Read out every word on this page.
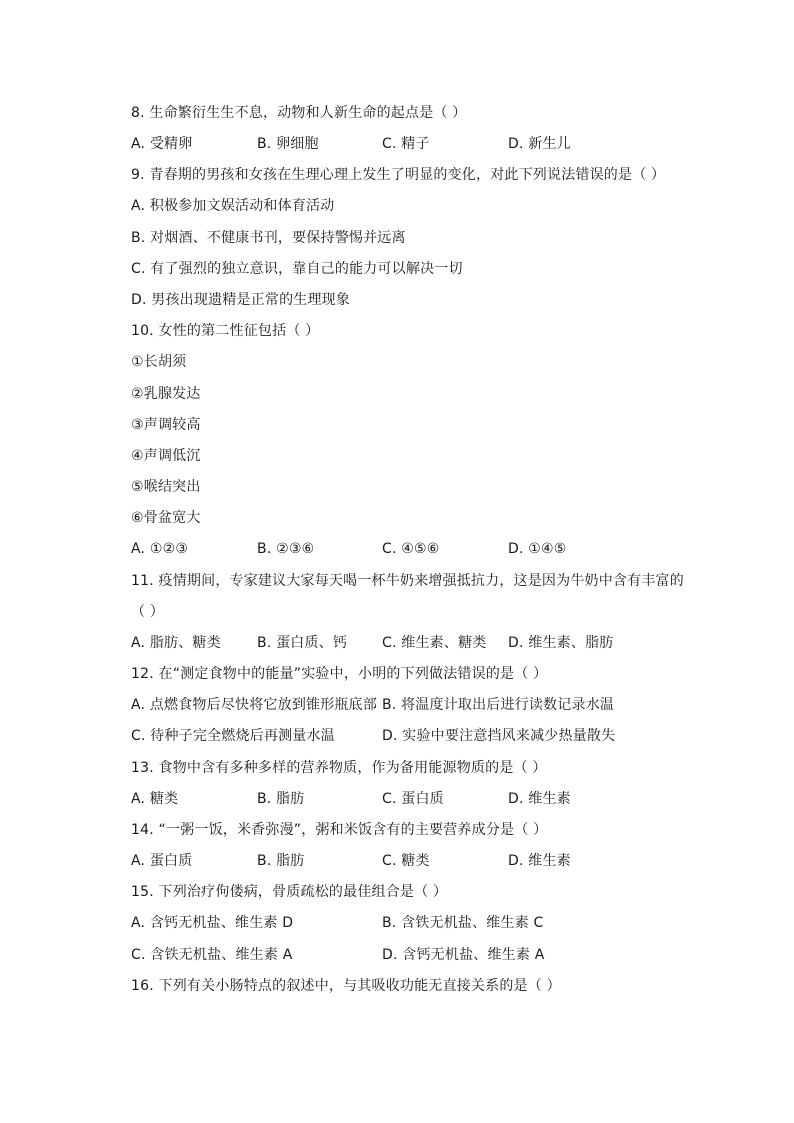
8. 生命繁衍生生不息，动物和人新生命的起点是（ ）
A. 受精卵	B. 卵细胞	C. 精子	D. 新生儿
9. 青春期的男孩和女孩在生理心理上发生了明显的变化，对此下列说法错误的是（ ）
A. 积极参加文娱活动和体育活动
B. 对烟酒、不健康书刊，要保持警惕并远离
C. 有了强烈的独立意识，靠自己的能力可以解决一切
D. 男孩出现遗精是正常的生理现象
10. 女性的第二性征包括（ ）
①长胡须
②乳腺发达
③声调较高
④声调低沉
⑤喉结突出
⑥骨盆宽大
A. ①②③	B. ②③⑥	C. ④⑤⑥	D. ①④⑤
11. 疫情期间，专家建议大家每天喝一杯牛奶来增强抵抗力，这是因为牛奶中含有丰富的
（ ）
A. 脂肪、糖类	B. 蛋白质、钙 C. 维生素、糖类 D. 维生素、脂肪
12. 在“测定食物中的能量”实验中，小明的下列做法错误的是（ ）
A. 点燃食物后尽快将它放到锥形瓶底部 B. 将温度计取出后进行读数记录水温
C. 待种子完全燃烧后再测量水温	D. 实验中要注意挡风来减少热量散失
13. 食物中含有多种多样的营养物质，作为备用能源物质的是（ ）
A. 糖类	B. 脂肪	C. 蛋白质	D. 维生素
14. “一粥一饭，米香弥漫”，粥和米饭含有的主要营养成分是（ ）
A. 蛋白质	B. 脂肪	C. 糖类	D. 维生素
15. 下列治疗佝偻病，骨质疏松的最佳组合是（ ）
A. 含钙无机盐、维生素 D	B. 含铁无机盐、维生素 C
C. 含铁无机盐、维生素 A	D. 含钙无机盐、维生素 A
16. 下列有关小肠特点的叙述中，与其吸收功能无直接关系的是（ ）
